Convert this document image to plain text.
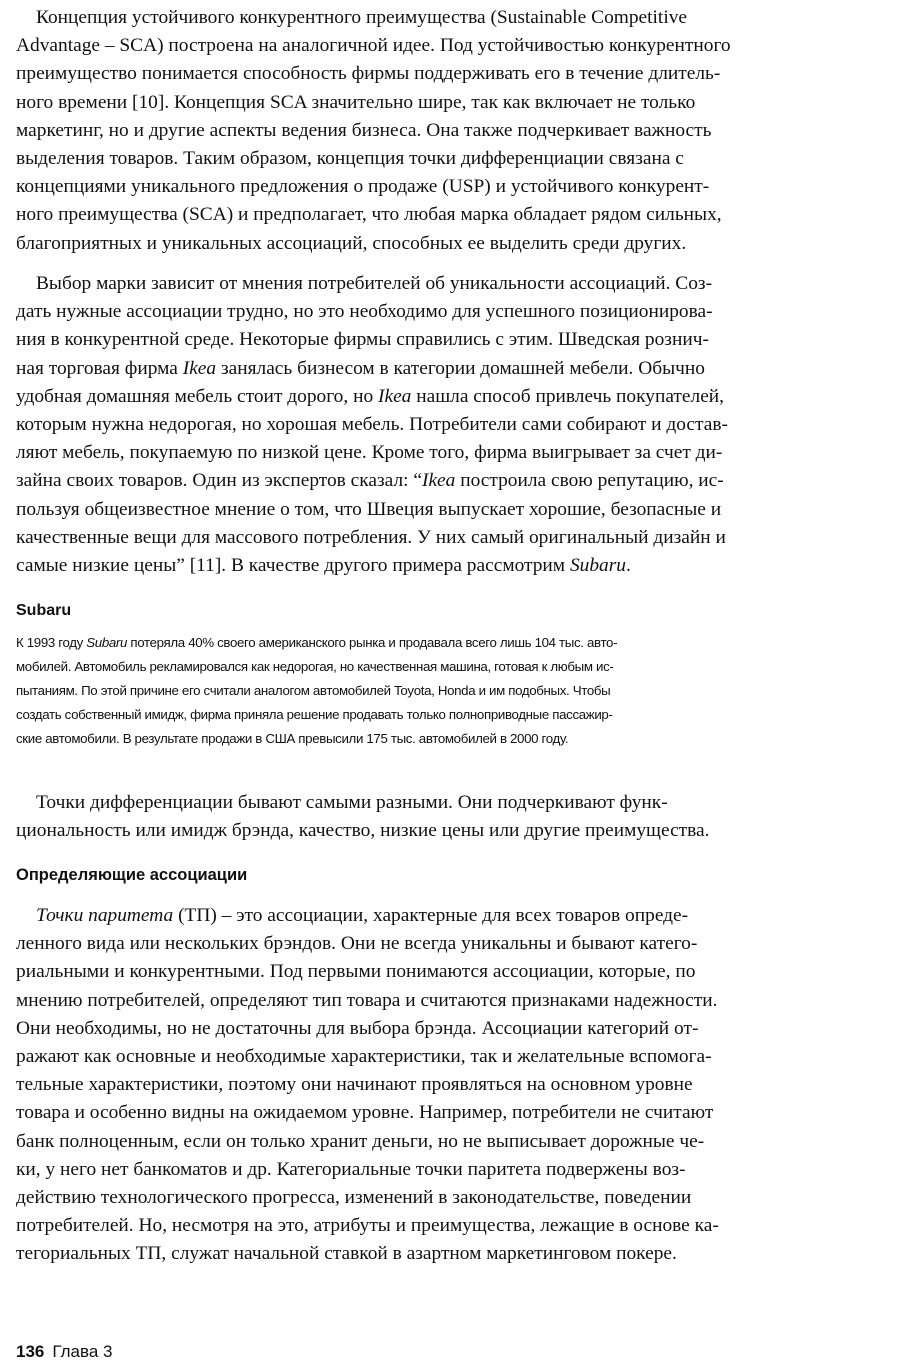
Концепция устойчивого конкурентного преимущества (Sustainable Competitive
Advantage – SCA) построена на аналогичной идее. Под устойчивостью конкурентного
преимущество понимается способность фирмы поддерживать его в течение длитель-
ного времени [10]. Концепция SCA значительно шире, так как включает не только
маркетинг, но и другие аспекты ведения бизнеса. Она также подчеркивает важность
выделения товаров. Таким образом, концепция точки дифференциации связана с
концепциями уникального предложения о продаже (USP) и устойчивого конкурент-
ного преимущества (SCA) и предполагает, что любая марка обладает рядом сильных,
благоприятных и уникальных ассоциаций, способных ее выделить среди других.
Выбор марки зависит от мнения потребителей об уникальности ассоциаций. Соз-
дать нужные ассоциации трудно, но это необходимо для успешного позиционирова-
ния в конкурентной среде. Некоторые фирмы справились с этим. Шведская рознич-
ная торговая фирма Ikea занялась бизнесом в категории домашней мебели. Обычно
удобная домашняя мебель стоит дорого, но Ikea нашла способ привлечь покупателей,
которым нужна недорогая, но хорошая мебель. Потребители сами собирают и достав-
ляют мебель, покупаемую по низкой цене. Кроме того, фирма выигрывает за счет ди-
зайна своих товаров. Один из экспертов сказал: “Ikea построила свою репутацию, ис-
пользуя общеизвестное мнение о том, что Швеция выпускает хорошие, безопасные и
качественные вещи для массового потребления. У них самый оригинальный дизайн и
самые низкие цены” [11]. В качестве другого примера рассмотрим Subaru.
Subaru
К 1993 году Subaru потеряла 40% своего американского рынка и продавала всего лишь 104 тыс. авто-
мобилей. Автомобиль рекламировался как недорогая, но качественная машина, готовая к любым ис-
пытаниям. По этой причине его считали аналогом автомобилей Toyota, Honda и им подобных. Чтобы
создать собственный имидж, фирма приняла решение продавать только полноприводные пассажир-
ские автомобили. В результате продажи в США превысили 175 тыс. автомобилей в 2000 году.
Точки дифференциации бывают самыми разными. Они подчеркивают функ-
циональность или имидж брэнда, качество, низкие цены или другие преимущества.
Определяющие ассоциации
Точки паритета (ТП) – это ассоциации, характерные для всех товаров опреде-
ленного вида или нескольких брэндов. Они не всегда уникальны и бывают катего-
риальными и конкурентными. Под первыми понимаются ассоциации, которые, по
мнению потребителей, определяют тип товара и считаются признаками надежности.
Они необходимы, но не достаточны для выбора брэнда. Ассоциации категорий от-
ражают как основные и необходимые характеристики, так и желательные вспомога-
тельные характеристики, поэтому они начинают проявляться на основном уровне
товара и особенно видны на ожидаемом уровне. Например, потребители не считают
банк полноценным, если он только хранит деньги, но не выписывает дорожные че-
ки, у него нет банкоматов и др. Категориальные точки паритета подвержены воз-
действию технологического прогресса, изменений в законодательстве, поведении
потребителей. Но, несмотря на это, атрибуты и преимущества, лежащие в основе ка-
тегориальных ТП, служат начальной ставкой в азартном маркетинговом покере.
136 Глава 3
